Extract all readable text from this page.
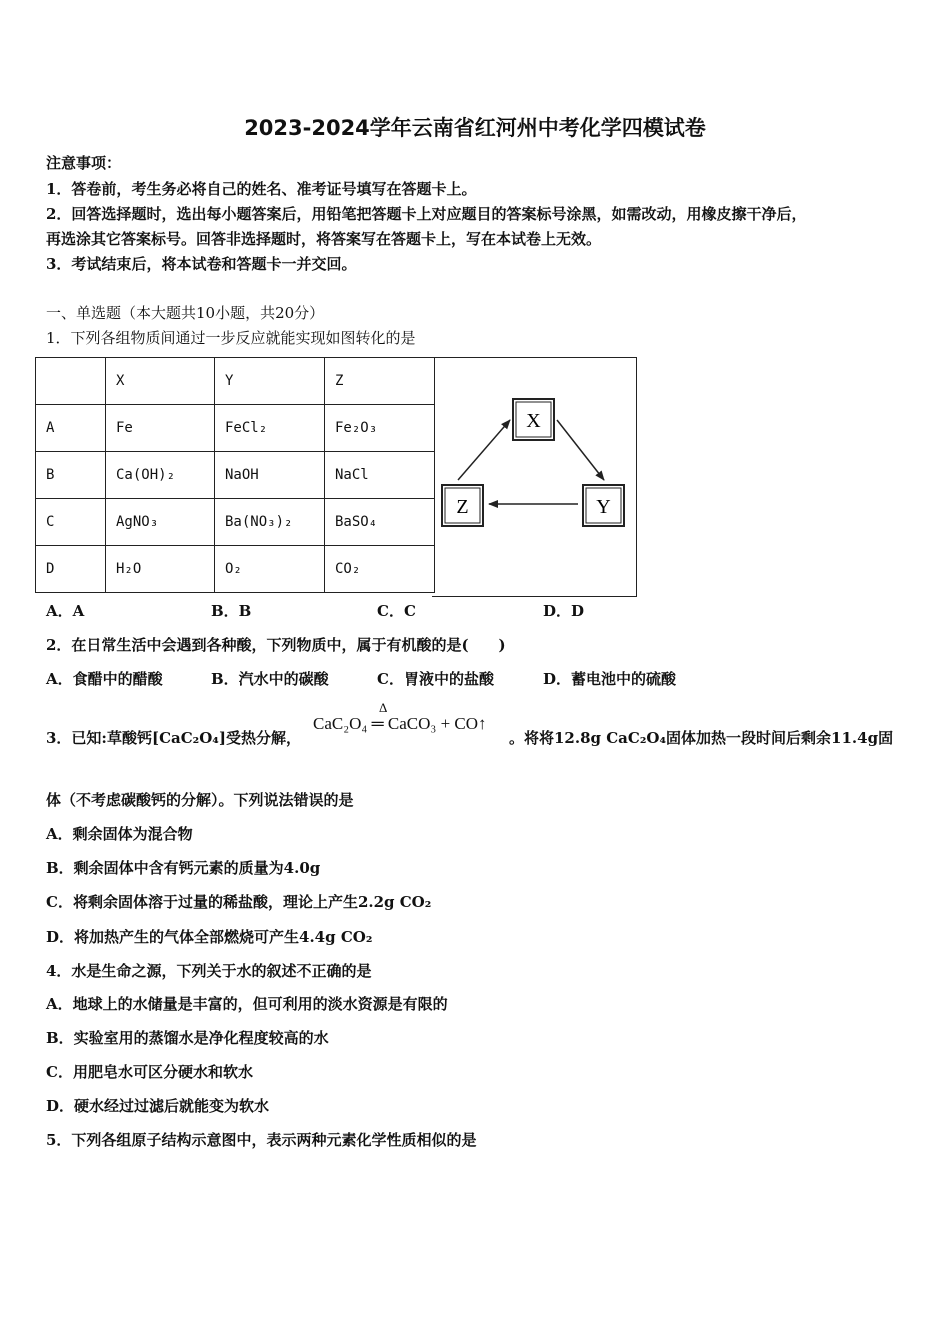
2023-2024学年云南省红河州中考化学四模试卷
注意事项：
1．答卷前，考生务必将自己的姓名、准考证号填写在答题卡上。
2．回答选择题时，选出每小题答案后，用铅笔把答题卡上对应题目的答案标号涂黑，如需改动，用橡皮擦干净后，
再选涂其它答案标号。回答非选择题时，将答案写在答题卡上，写在本试卷上无效。
3．考试结束后，将本试卷和答题卡一并交回。
一、单选题（本大题共10小题，共20分）
1．下列各组物质间通过一步反应就能实现如图转化的是
	X	Y	Z
A	Fe	FeCl₂	Fe₂O₃
B	Ca(OH)₂	NaOH	NaCl
C	AgNO₃	Ba(NO₃)₂	BaSO₄
D	H₂O	O₂	CO₂
X
Y
Z
A．A	B．B	C．C	D．D
2．在日常生活中会遇到各种酸，下列物质中，属于有机酸的是(　　)
A．食醋中的醋酸	B．汽水中的碳酸	C．胃液中的盐酸	D．蓄电池中的硫酸
3．已知:草酸钙[CaC₂O₄]受热分解，
CaC₂O₄ ═ CaCO₃ + CO↑
Δ
。将将12.8g CaC₂O₄固体加热一段时间后剩余11.4g固
体（不考虑碳酸钙的分解）。下列说法错误的是
A．剩余固体为混合物
B．剩余固体中含有钙元素的质量为4.0g
C．将剩余固体溶于过量的稀盐酸，理论上产生2.2g CO₂
D．将加热产生的气体全部燃烧可产生4.4g CO₂
4．水是生命之源，下列关于水的叙述不正确的是
A．地球上的水储量是丰富的，但可利用的淡水资源是有限的
B．实验室用的蒸馏水是净化程度较高的水
C．用肥皂水可区分硬水和软水
D．硬水经过过滤后就能变为软水
5．下列各组原子结构示意图中，表示两种元素化学性质相似的是
